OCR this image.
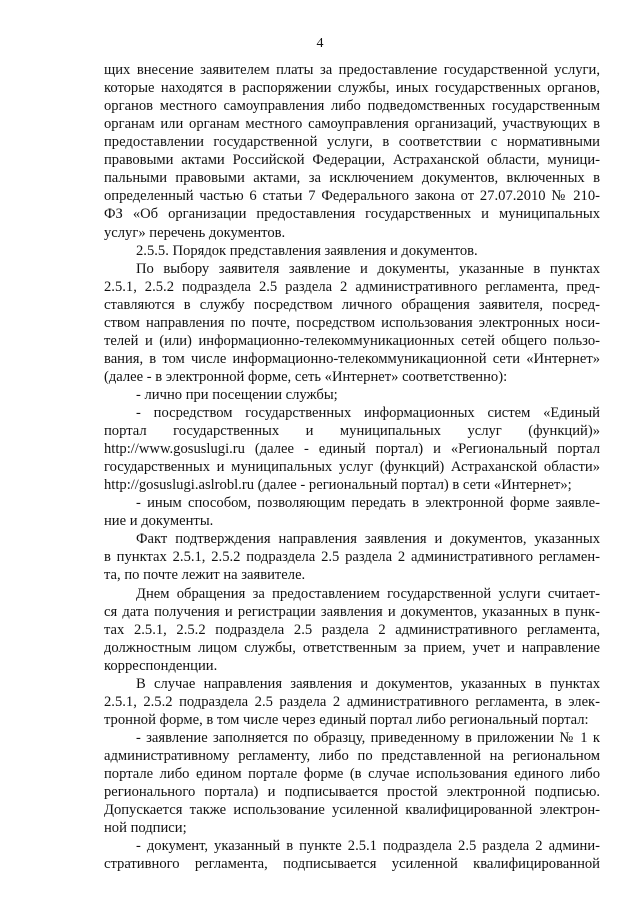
4
щих внесение заявителем платы за предоставление государственной услуги,
которые находятся в распоряжении службы, иных государственных органов,
органов местного самоуправления либо подведомственных государственным
органам или органам местного самоуправления организаций, участвующих в
предоставлении государственной услуги, в соответствии с нормативными
правовыми актами Российской Федерации, Астраханской области, муници-
пальными правовыми актами, за исключением документов, включенных в
определенный частью 6 статьи 7 Федерального закона от 27.07.2010 № 210-
ФЗ «Об организации предоставления государственных и муниципальных
услуг» перечень документов.
2.5.5. Порядок представления заявления и документов.
По выбору заявителя заявление и документы, указанные в пунктах
2.5.1, 2.5.2 подраздела 2.5 раздела 2 административного регламента, пред-
ставляются в службу посредством личного обращения заявителя, посред-
ством направления по почте, посредством использования электронных носи-
телей и (или) информационно-телекоммуникационных сетей общего пользо-
вания, в том числе информационно-телекоммуникационной сети «Интернет»
(далее - в электронной форме, сеть «Интернет» соответственно):
- лично при посещении службы;
- посредством государственных информационных систем «Единый
портал государственных и муниципальных услуг (функций)»
http://www.gosuslugi.ru (далее - единый портал) и «Региональный портал
государственных и муниципальных услуг (функций) Астраханской области»
http://gosuslugi.aslrobl.ru (далее - региональный портал) в сети «Интернет»;
- иным способом, позволяющим передать в электронной форме заявле-
ние и документы.
Факт подтверждения направления заявления и документов, указанных
в пунктах 2.5.1, 2.5.2 подраздела 2.5 раздела 2 административного регламен-
та, по почте лежит на заявителе.
Днем обращения за предоставлением государственной услуги считает-
ся дата получения и регистрации заявления и документов, указанных в пунк-
тах 2.5.1, 2.5.2 подраздела 2.5 раздела 2 административного регламента,
должностным лицом службы, ответственным за прием, учет и направление
корреспонденции.
В случае направления заявления и документов, указанных в пунктах
2.5.1, 2.5.2 подраздела 2.5 раздела 2 административного регламента, в элек-
тронной форме, в том числе через единый портал либо региональный портал:
- заявление заполняется по образцу, приведенному в приложении № 1 к
административному регламенту, либо по представленной на региональном
портале либо едином портале форме (в случае использования единого либо
регионального портала) и подписывается простой электронной подписью.
Допускается также использование усиленной квалифицированной электрон-
ной подписи;
- документ, указанный в пункте 2.5.1 подраздела 2.5 раздела 2 админи-
стративного регламента, подписывается усиленной квалифицированной
